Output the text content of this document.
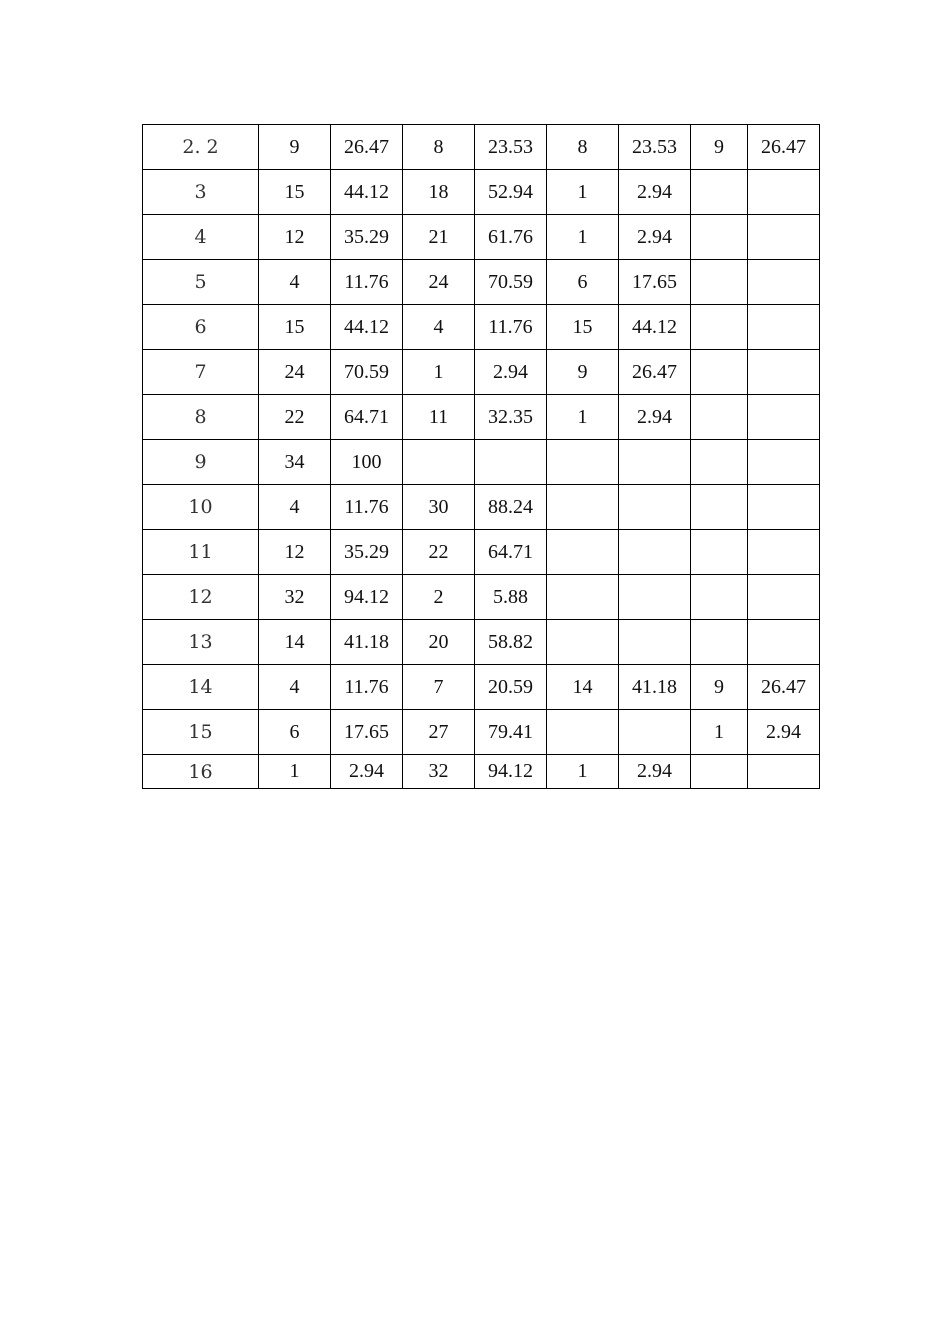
2. 2	9	26.47	8	23.53	8	23.53	9	26.47
3	15	44.12	18	52.94	1	2.94		
4	12	35.29	21	61.76	1	2.94		
5	4	11.76	24	70.59	6	17.65		
6	15	44.12	4	11.76	15	44.12		
7	24	70.59	1	2.94	9	26.47		
8	22	64.71	11	32.35	1	2.94		
9	34	100						
10	4	11.76	30	88.24				
11	12	35.29	22	64.71				
12	32	94.12	2	5.88				
13	14	41.18	20	58.82				
14	4	11.76	7	20.59	14	41.18	9	26.47
15	6	17.65	27	79.41			1	2.94
16	1	2.94	32	94.12	1	2.94		
